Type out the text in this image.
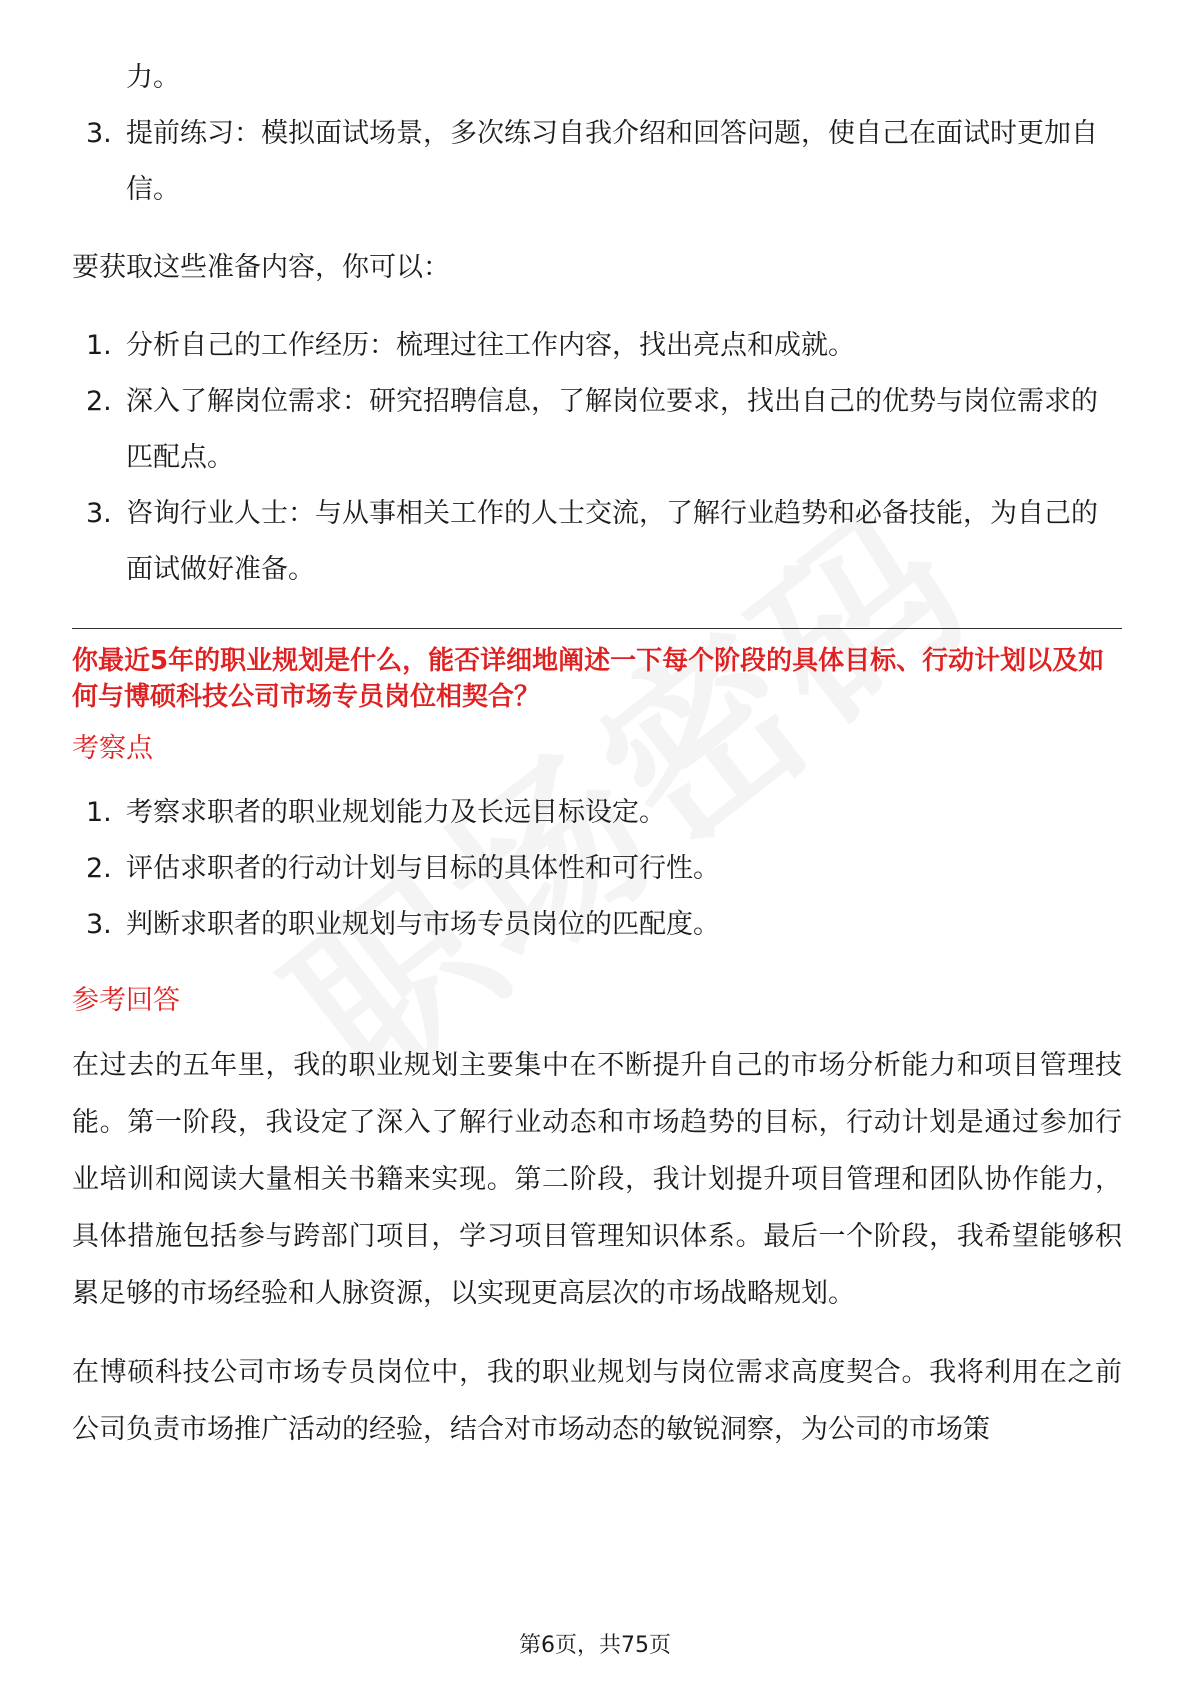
力。
3. 提前练习：模拟面试场景，多次练习自我介绍和回答问题，使自己在面试时更加自信。
要获取这些准备内容，你可以：
1. 分析自己的工作经历：梳理过往工作内容，找出亮点和成就。
2. 深入了解岗位需求：研究招聘信息，了解岗位要求，找出自己的优势与岗位需求的匹配点。
3. 咨询行业人士：与从事相关工作的人士交流，了解行业趋势和必备技能，为自己的面试做好准备。
你最近5年的职业规划是什么，能否详细地阐述一下每个阶段的具体目标、行动计划以及如何与博硕科技公司市场专员岗位相契合？
考察点
1. 考察求职者的职业规划能力及长远目标设定。
2. 评估求职者的行动计划与目标的具体性和可行性。
3. 判断求职者的职业规划与市场专员岗位的匹配度。
参考回答
在过去的五年里，我的职业规划主要集中在不断提升自己的市场分析能力和项目管理技能。第一阶段，我设定了深入了解行业动态和市场趋势的目标，行动计划是通过参加行业培训和阅读大量相关书籍来实现。第二阶段，我计划提升项目管理和团队协作能力，具体措施包括参与跨部门项目，学习项目管理知识体系。最后一个阶段，我希望能够积累足够的市场经验和人脉资源，以实现更高层次的市场战略规划。
在博硕科技公司市场专员岗位中，我的职业规划与岗位需求高度契合。我将利用在之前公司负责市场推广活动的经验，结合对市场动态的敏锐洞察，为公司的市场策
第6页，共75页
